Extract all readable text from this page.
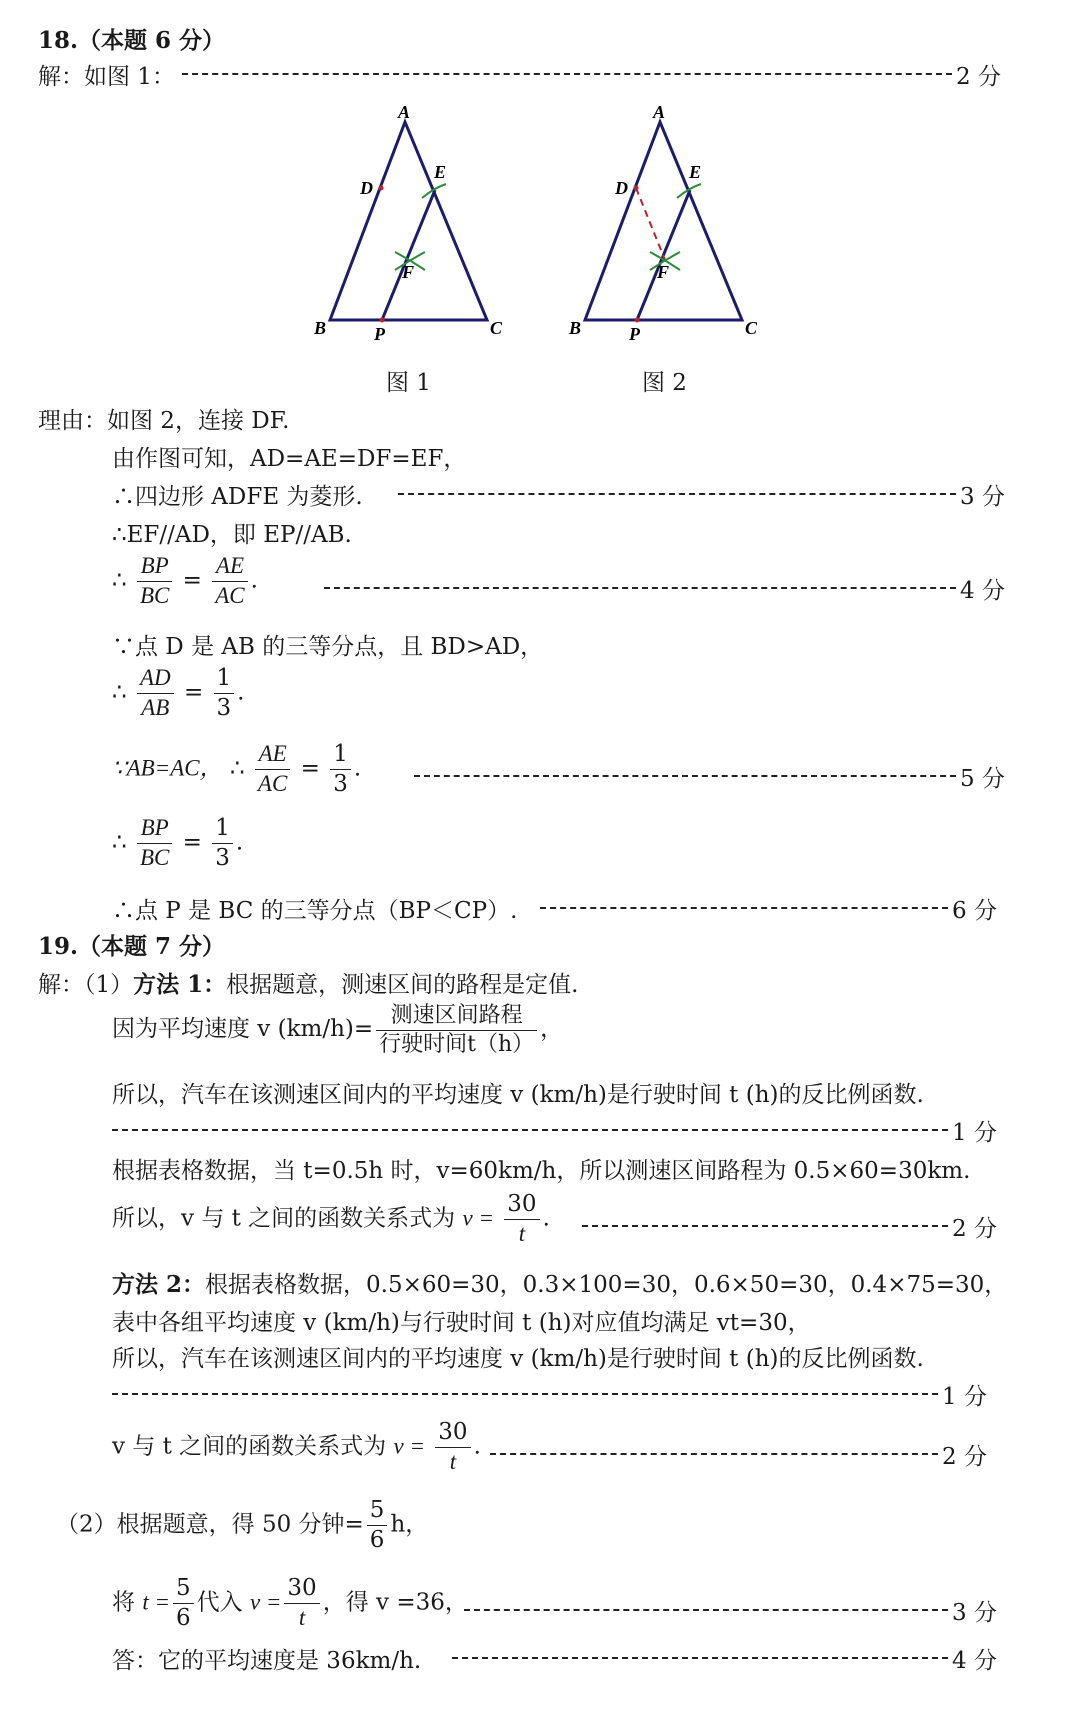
18.（本题 6 分）
解：如图 1：	2 分
A
D
E
F
B	P	C
A
D
E
F
B	P	C
图 1	图 2
理由：如图 2，连接 DF.
由作图可知，AD=AE=DF=EF，
∴四边形 ADFE 为菱形.	3 分
∴EF//AD，即 EP//AB.
∴ $\frac{BP}{BC} = \frac{AE}{AC}$ .	4 分
∵点 D 是 AB 的三等分点，且 BD>AD，
∴ $\frac{AD}{AB} = \frac{1}{3}$ .
∵AB=AC， ∴ $\frac{AE}{AC} = \frac{1}{3}$ .	5 分
∴ $\frac{BP}{BC} = \frac{1}{3}$ .
∴点 P 是 BC 的三等分点（BP＜CP）.	6 分
19.（本题 7 分）
解：（1）方法 1：根据题意，测速区间的路程是定值.
因为平均速度 v $(km/h)= \frac{\text{测速区间路程}}{\text{行驶时间t（h）}}$ ，
所以，汽车在该测速区间内的平均速度 v (km/h)是行驶时间 t (h)的反比例函数.
1 分
根据表格数据，当 t=0.5h 时，v=60km/h，所以测速区间路程为 0.5×60=30km.
所以，v 与 t 之间的函数关系式为 $v = \frac{30}{t}$ .	2 分
方法 2：根据表格数据，0.5×60=30，0.3×100=30，0.6×50=30，0.4×75=30，
表中各组平均速度 v (km/h)与行驶时间 t (h)对应值均满足 vt=30，
所以，汽车在该测速区间内的平均速度 v (km/h)是行驶时间 t (h)的反比例函数.
1 分
v 与 t 之间的函数关系式为 $v = \frac{30}{t}$ .	2 分
（2）根据题意，得 50 分钟= $\frac{5}{6}$ h，
将 $t = \frac{5}{6}$ 代入 $v = \frac{30}{t}$ ，得 v =36，	3 分
答：它的平均速度是 36km/h.	4 分
